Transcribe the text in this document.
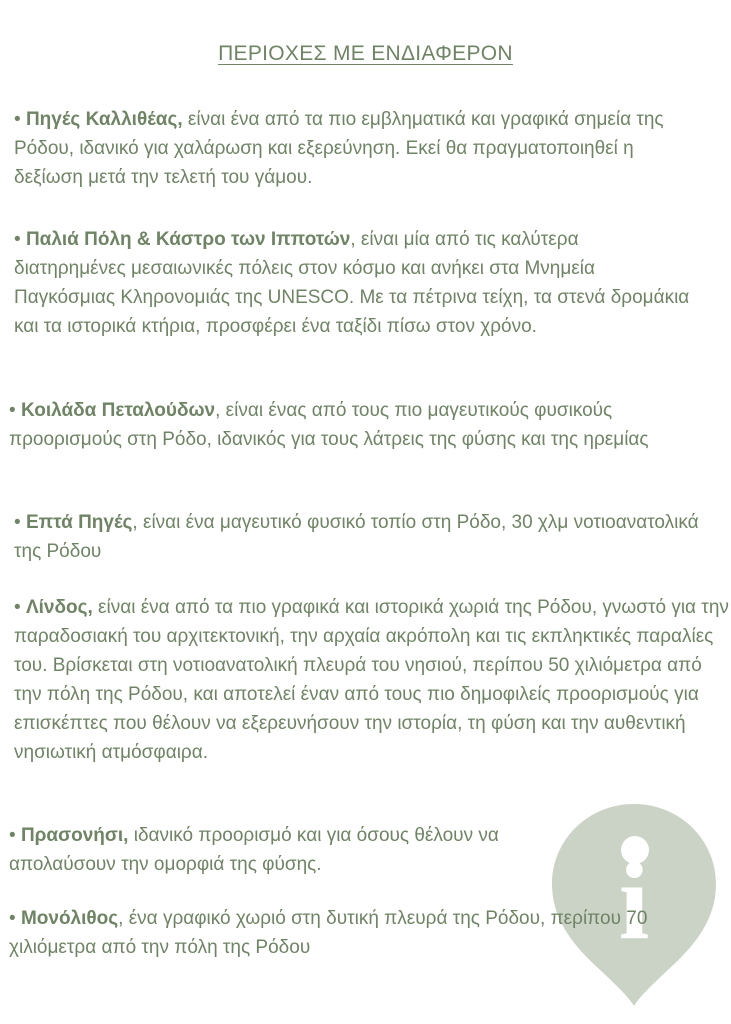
ΠΕΡΙΟΧΕΣ ΜΕ ΕΝΔΙΑΦΕΡΟΝ

• Πηγές Καλλιθέας, είναι ένα από τα πιο εμβληματικά και γραφικά σημεία της Ρόδου, ιδανικό για χαλάρωση και εξερεύνηση. Εκεί θα πραγματοποιηθεί η δεξίωση μετά την τελετή του γάμου.

• Παλιά Πόλη & Κάστρο των Ιπποτών, είναι μία από τις καλύτερα διατηρημένες μεσαιωνικές πόλεις στον κόσμο και ανήκει στα Μνημεία Παγκόσμιας Κληρονομιάς της UNESCO. Με τα πέτρινα τείχη, τα στενά δρομάκια και τα ιστορικά κτήρια, προσφέρει ένα ταξίδι πίσω στον χρόνο.

• Κοιλάδα Πεταλούδων, είναι ένας από τους πιο μαγευτικούς φυσικούς προορισμούς στη Ρόδο, ιδανικός για τους λάτρεις της φύσης και της ηρεμίας

• Επτά Πηγές, είναι ένα μαγευτικό φυσικό τοπίο στη Ρόδο, 30 χλμ νοτιοανατολικά της Ρόδου

• Λίνδος, είναι ένα από τα πιο γραφικά και ιστορικά χωριά της Ρόδου, γνωστό για την παραδοσιακή του αρχιτεκτονική, την αρχαία ακρόπολη και τις εκπληκτικές παραλίες του. Βρίσκεται στη νοτιοανατολική πλευρά του νησιού, περίπου 50 χιλιόμετρα από την πόλη της Ρόδου, και αποτελεί έναν από τους πιο δημοφιλείς προορισμούς για επισκέπτες που θέλουν να εξερευνήσουν την ιστορία, τη φύση και την αυθεντική νησιωτική ατμόσφαιρα.

• Πρασονήσι, ιδανικό προορισμό και για όσους θέλουν να απολαύσουν την ομορφιά της φύσης.

• Μονόλιθος, ένα γραφικό χωριό στη δυτική πλευρά της Ρόδου, περίπου 70 χιλιόμετρα από την πόλη της Ρόδου	i
